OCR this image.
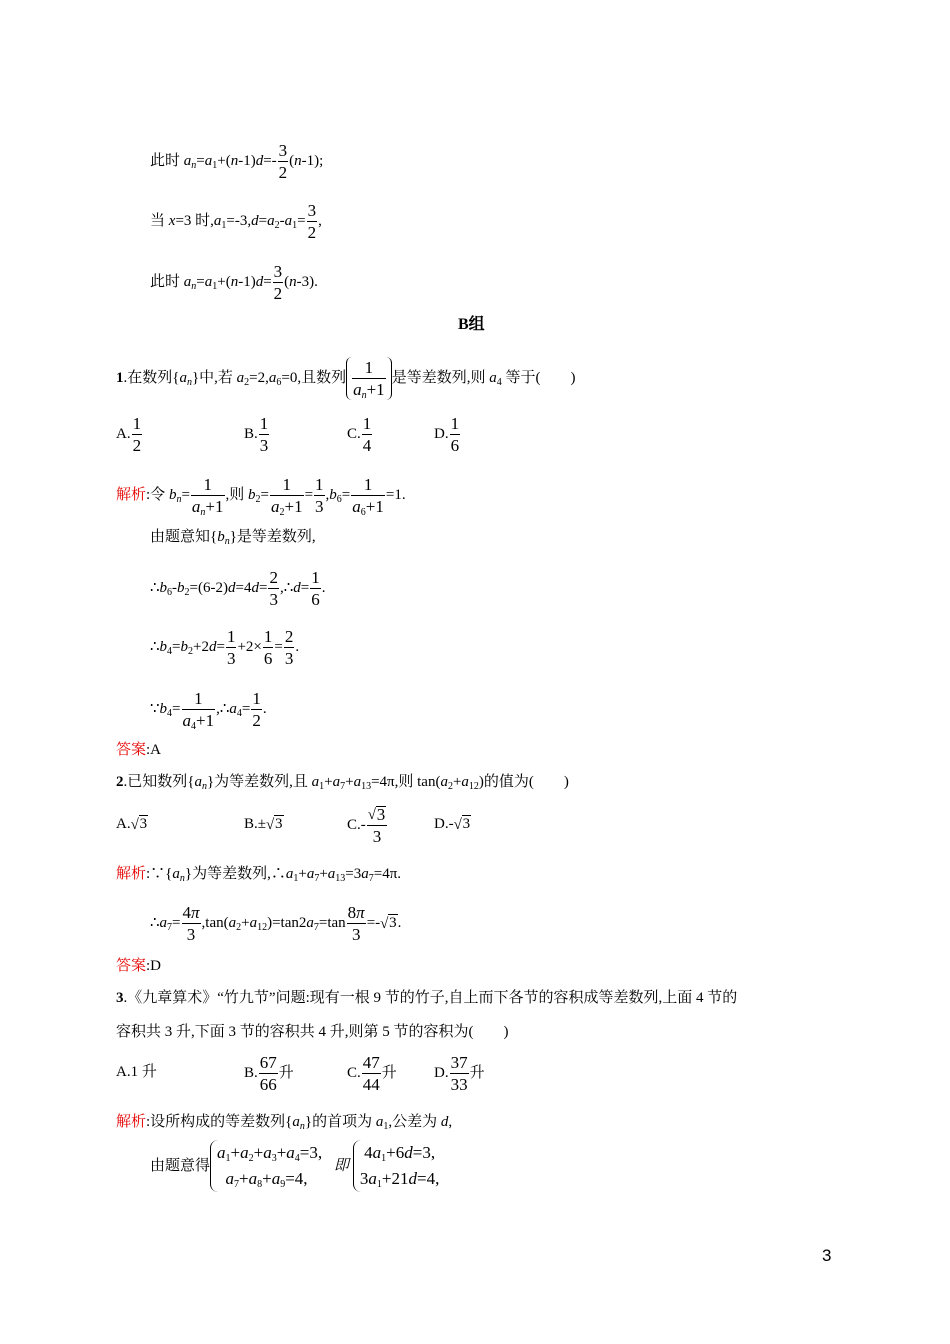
此时 $a_n=a_1+(n-1)d=- \frac{3}{2} (n-1)$;
当 x=3 时$,a_1=-3,d=a_2-a_1= \frac{3}{2}$ ,
此时 $a_n=a_1+(n-1)d= \frac{3}{2} (n-3)$.
B组
1.在数列$\{a_n\}$中,若 $a_2=2,a_6=0$,且数列 $\frac{1}{a_n+1}$ 是等差数列,则 $a_4$ 等于(　　)
A. $\frac{1}{2}$	B. $\frac{1}{3}$	C. $\frac{1}{4}$	D. $\frac{1}{6}$
解析:令 $b_n= \frac{1}{a_n+1}$ ,则 $b_2= \frac{1}{a_2+1} = \frac{1}{3} ,b_6= \frac{1}{a_6+1} =1$.
由题意知$\{b_n\}$是等差数列,
$\therefore b_6-b_2=(6-2)d=4d= \frac{2}{3}$ ,∴d= $\frac{1}{6}$ .
$\therefore b_4=b_2+2d= \frac{1}{3} +2\times \frac{1}{6} = \frac{2}{3}$ .
$\because b_4= \frac{1}{a_4+1}$ $,\therefore a_4= \frac{1}{2}$ .
答案:A
2.已知数列$\{a_n\}$为等差数列,且 $a_1+a_7+a_{13}=4\pi$,则 $\tan(a_2+a_{12})$的值为(　　)
A. √ 3	B.± √ 3	C.- √ $\frac{3}{3}$	D.- √ 3
解析$:\because\{a_n\}$为等差数列$,\therefore a_1+a_7+a_{13}=3a_7=4\pi$.
$\therefore a_7= \frac{4\pi}{3} ,\tan(a_2+a_{12})=\tan 2a_7=\tan \frac{8\pi}{3}$ =- √ 3.
答案:D
3.《九章算术》“竹九节”问题:现有一根 9 节的竹子,自上而下各节的容积成等差数列,上面 4 节的
容积共 3 升,下面 3 节的容积共 4 升,则第 5 节的容积为(　　)
A.1 升	B. $\frac{67}{66}$ 升	C. $\frac{47}{44}$ 升 D. $\frac{37}{33}$ 升
解析:设所构成的等差数列$\{a_n\}$的首项为 $a_1$,公差为 d,
由题意得
$a_1+a_2+a_3+a_4=3$,
$a_7+a_8+a_9=4$,
即
$4a_1+6d=3$,
$3a_1+21d=4$,
3
